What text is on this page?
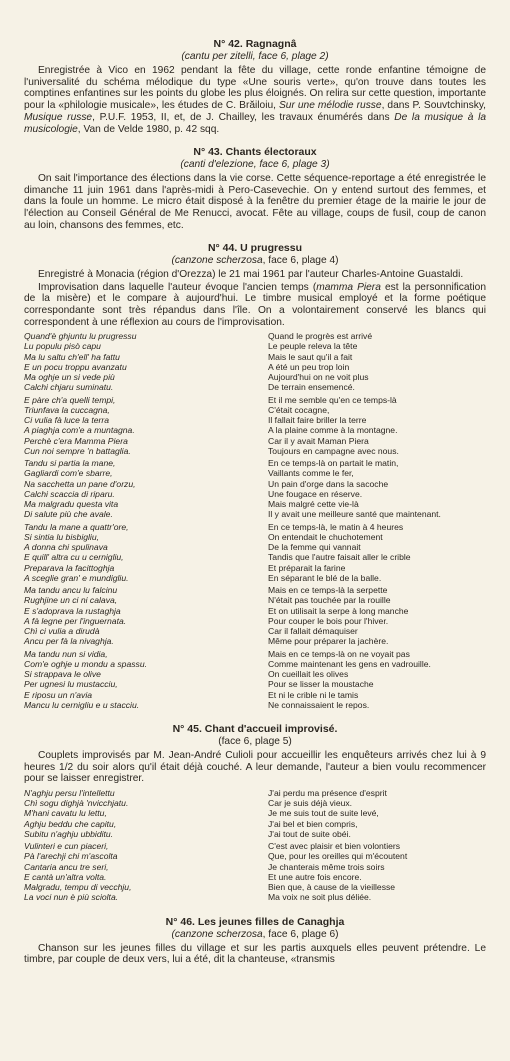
N° 42. Ragnagnâ
(cantu per zitelli, face 6, plage 2)

Enregistrée à Vico en 1962 pendant la fête du village, cette ronde enfantine témoigne de l'universalité du schéma mélodique du type «Une souris verte», qu'on trouve dans toutes les comptines enfantines sur les points du globe les plus éloignés. On relira sur cette question, importante pour la «philologie musicale», les études de C. Brăiloiu, Sur une mélodie russe, dans P. Souvtchinsky, Musique russe, P.U.F. 1953, II, et, de J. Chailley, les travaux énumérés dans De la musique à la musicologie, Van de Velde 1980, p. 42 sqq.

N° 43. Chants électoraux
(canti d'elezione, face 6, plage 3)

On sait l'importance des élections dans la vie corse. Cette séquence-reportage a été enregistrée le dimanche 11 juin 1961 dans l'après-midi à Pero-Casevechie. On y entend surtout des femmes, et dans la foule un homme. Le micro était disposé à la fenêtre du premier étage de la mairie le jour de l'élection au Conseil Général de Me Renucci, avocat. Fête au village, coups de fusil, coup de canon au loin, chansons des femmes, etc.

N° 44. U prugressu
(canzone scherzosa, face 6, plage 4)

Enregistré à Monacia (région d'Orezza) le 21 mai 1961 par l'auteur Charles-Antoine Guastaldi.

Improvisation dans laquelle l'auteur évoque l'ancien temps (mamma Piera est la personnification de la misère) et le compare à aujourd'hui. Le timbre musical employé et la forme poétique correspondante sont très répandus dans l'île. On a volontairement conservé les blancs qui correspondent à une réflexion au cours de l'improvisation.

Quand'è ghjuntu lu prugressu
Lu populu pisò capu
Ma lu saltu ch'ell' ha fattu
E un pocu troppu avanzatu
Ma oghje un si vede più
Calchi chjaru suminatu.
E pàre ch'a quelli tempi,
Triunfava la cuccagna,
Ci vulia fà luce la terra
A piaghja com'e a muntagna.
Perchè c'era Mamma Piera
Cun noi sempre 'n battaglia.
Tandu si partia la mane,
Gagliardi com'e sbarre,
Na sacchetta un pane d'orzu,
Calchi scaccia di riparu.
Ma malgradu questa vita
Di salute più che avale.
Tandu la mane a quattr'ore,
Si sintia lu bisbigliu,
A donna chi spulinava
E quill' altra cu u cernigliu,
Preparava la facittoghja
A sceglie gran' e mundigliu.
Ma tandu ancu lu falcinu
Rughjine un ci ni calava,
E s'adoprava la rustaghja
A fà legne per l'inguernata.
Chì ci vulia a dirudà
Ancu per fà la nivaghja.
Ma tandu nun si vidia,
Com'e oghje u mondu a spassu.
Si strappava le olive
Per ugnesi lu mustacciu,
E riposu un n'avia
Mancu lu cernigliu e u stacciu.
Quand le progrès est arrivé
Le peuple releva la tête
Mais le saut qu'il a fait
A été un peu trop loin
Aujourd'hui on ne voit plus
De terrain ensemencé.
Et il me semble qu'en ce temps-là
C'était cocagne,
Il fallait faire briller la terre
A la plaine comme à la montagne.
Car il y avait Maman Piera
Toujours en campagne avec nous.
En ce temps-là on partait le matin,
Vaillants comme le fer,
Un pain d'orge dans la sacoche
Une fougace en réserve.
Mais malgré cette vie-là
Il y avait une meilleure santé que maintenant.
En ce temps-là, le matin à 4 heures
On entendait le chuchotement
De la femme qui vannait
Tandis que l'autre faisait aller le crible
Et préparait la farine
En séparant le blé de la balle.
Mais en ce temps-là la serpette
N'était pas touchée par la rouille
Et on utilisait la serpe à long manche
Pour couper le bois pour l'hiver.
Car il fallait démaquiser
Même pour préparer la jachère.
Mais en ce temps-là on ne voyait pas
Comme maintenant les gens en vadrouille.
On cueillait les olives
Pour se lisser la moustache
Et ni le crible ni le tamis
Ne connaissaient le repos.
N° 45. Chant d'accueil improvisé.
(face 6, plage 5)

Couplets improvisés par M. Jean-André Culioli pour accueillir les enquêteurs arrivés chez lui à 9 heures 1/2 du soir alors qu'il était déjà couché. A leur demande, l'auteur a bien voulu recommencer pour se laisser enregistrer.

N'aghju persu l'intellettu
Chì sogu dighjà 'nvicchjatu.
M'hani cavatu lu lettu,
Aghju beddu che capitu,
Subitu n'aghju ubbiditu.
Vulinteri e cun piaceri,
Pà l'arechji chi m'ascolta
Cantaria ancu tre seri,
E cantà un'altra volta.
Malgradu, tempu di vecchju,
La voci nun è più sciolta.
J'ai perdu ma présence d'esprit
Car je suis déjà vieux.
Je me suis tout de suite levé,
J'ai bel et bien compris,
J'ai tout de suite obéi.
C'est avec plaisir et bien volontiers
Que, pour les oreilles qui m'écoutent
Je chanterais même trois soirs
Et une autre fois encore.
Bien que, à cause de la vieillesse
Ma voix ne soit plus déliée.
N° 46. Les jeunes filles de Canaghja
(canzone scherzosa, face 6, plage 6)

Chanson sur les jeunes filles du village et sur les partis auxquels elles peuvent prétendre. Le timbre, par couple de deux vers, lui a été, dit la chanteuse, «transmis
